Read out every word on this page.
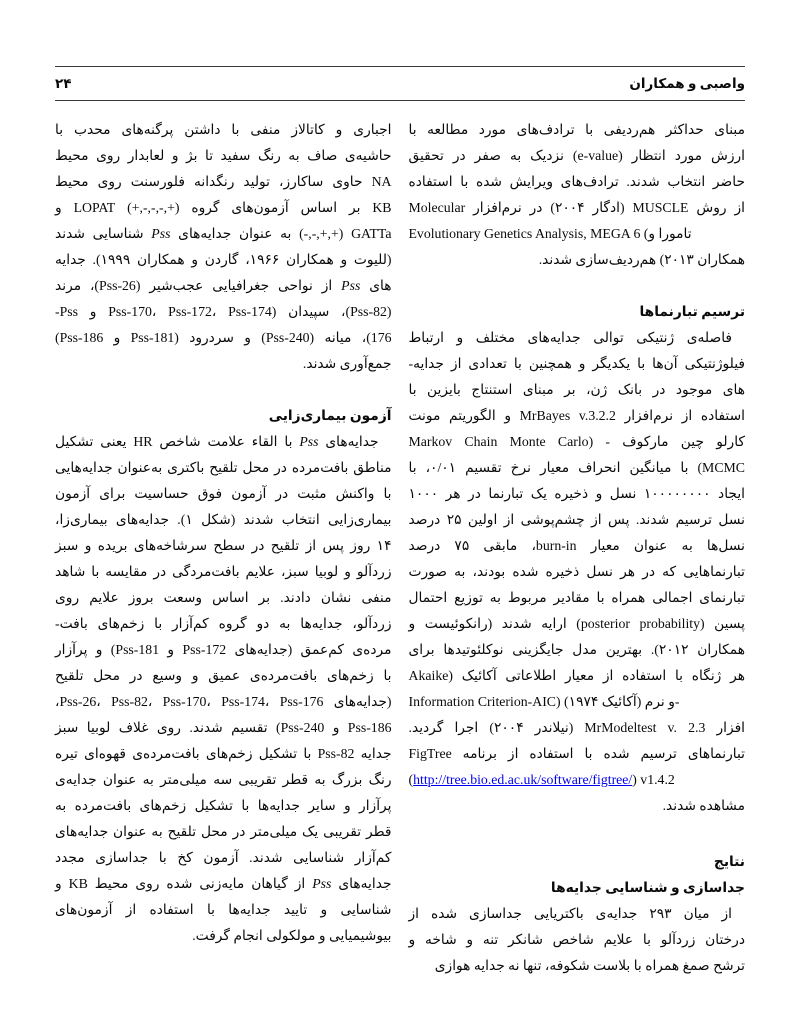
۲۴	واصبی و همکاران
مبنای حداکثر هم‌ردیفی با ترادف‌های مورد مطالعه با
ارزش مورد انتظار (e-value) نزدیک به صفر در تحقیق
حاضر انتخاب شدند. ترادف‌های ویرایش شده با استفاده
از روش MUSCLE (ادگار ۲۰۰۴) در نرم‌افزار Molecular
Evolutionary Genetics Analysis, MEGA 6 (تامورا و
همکاران ۲۰۱۳) هم‌ردیف‌سازی شدند.
ترسیم تبارنماها
فاصله‌ی ژنتیکی توالی جدایه‌های مختلف و ارتباط
فیلوژنتیکی آن‌ها با یکدیگر و همچنین با تعدادی از جدایه-
های موجود در بانک ژن، بر مبنای استنتاج بایزین با
استفاده از نرم‌افزار MrBayes v.3.2.2 و الگوریتم مونت
کارلو چین مارکوف - (Markov Chain Monte Carlo
MCMC) با میانگین انحراف معیار نرخ تقسیم ۰/۰۱، با
ایجاد ۱۰۰۰۰۰۰۰۰ نسل و ذخیره یک تبارنما در هر ۱۰۰۰
نسل ترسیم شدند. پس از چشم‌پوشی از اولین ۲۵ درصد
نسل‌ها به عنوان معیار burn-in، مابقی ۷۵ درصد
تبارنماهایی که در هر نسل ذخیره شده بودند، به صورت
تبارنمای اجمالی همراه با مقادیر مربوط به توزیع احتمال
پسین (posterior probability) ارایه شدند (رانکوئیست و
همکاران ۲۰۱۲). بهترین مدل جایگزینی نوکلئوتیدها برای
هر ژنگاه با استفاده از معیار اطلاعاتی آکائیک (Akaike
Information Criterion-AIC) (آکائیک ۱۹۷۴) و نرم-
افزار MrModeltest v. 2.3 (نیلاندر ۲۰۰۴) اجرا گردید.
تبارنماهای ترسیم شده با استفاده از برنامه FigTree
(http://tree.bio.ed.ac.uk/software/figtree/) v1.4.2
مشاهده شدند.
نتایج
جداسازی و شناسایی جدایه‌ها
از میان ۲۹۳ جدایه‌ی باکتریایی جداسازی شده از
درختان زردآلو با علایم شاخص شانکر تنه و شاخه و
ترشح صمغ همراه با بلاست شکوفه، تنها نه جدایه هوازی
اجباری و کاتالاز منفی با داشتن پرگنه‌های محدب با
حاشیه‌ی صاف به رنگ سفید تا بژ و لعابدار روی محیط
NA حاوی ساکارز، تولید رنگدانه فلورسنت روی محیط
KB بر اساس آزمون‌های گروه (+,-,-,-,+) LOPAT و
GATTa (+,+,-,-) به عنوان جدایه‌های Pss شناسایی شدند
(للیوت و همکاران ۱۹۶۶، گاردن و همکاران ۱۹۹۹). جدایه
های Pss از نواحی جغرافیایی عجب‌شیر (Pss-26)، مرند
(Pss-82)، سپیدان (Pss-170، Pss-172، Pss-174 و Pss-
176)، میانه (Pss-240) و سردرود (Pss-181 و Pss-186)
جمع‌آوری شدند.
آزمون بیماری‌زایی
جدایه‌های Pss با القاء علامت شاخص HR یعنی تشکیل
مناطق بافت‌مرده در محل تلقیح باکتری به‌عنوان جدایه‌هایی
با واکنش مثبت در آزمون فوق حساسیت برای آزمون
بیماری‌زایی انتخاب شدند (شکل ۱). جدایه‌های بیماری‌زا،
۱۴ روز پس از تلقیح در سطح سرشاخه‌های بریده و سبز
زردآلو و لوبیا سبز، علایم بافت‌مردگی در مقایسه با شاهد
منفی نشان دادند. بر اساس وسعت بروز علایم روی
زردآلو، جدایه‌ها به دو گروه کم‌آزار با زخم‌های بافت-
مرده‌ی کم‌عمق (جدایه‌های Pss-172 و Pss-181) و پرآزار
با زخم‌های بافت‌مرده‌ی عمیق و وسیع در محل تلقیح
(جدایه‌های Pss-26، Pss-82، Pss-170، Pss-174، Pss-176،
Pss-186 و Pss-240) تقسیم شدند. روی غلاف لوبیا سبز
جدایه Pss-82 با تشکیل زخم‌های بافت‌مرده‌ی قهوه‌ای تیره
رنگ بزرگ به قطر تقریبی سه میلی‌متر به عنوان جدایه‌ی
پرآزار و سایر جدایه‌ها با تشکیل زخم‌های بافت‌مرده به
قطر تقریبی یک میلی‌متر در محل تلقیح به عنوان جدایه‌های
کم‌آزار شناسایی شدند. آزمون کخ با جداسازی مجدد
جدایه‌های Pss از گیاهان مایه‌زنی شده روی محیط KB و
شناسایی و تایید جدایه‌ها با استفاده از آزمون‌های
بیوشیمیایی و مولکولی انجام گرفت.
